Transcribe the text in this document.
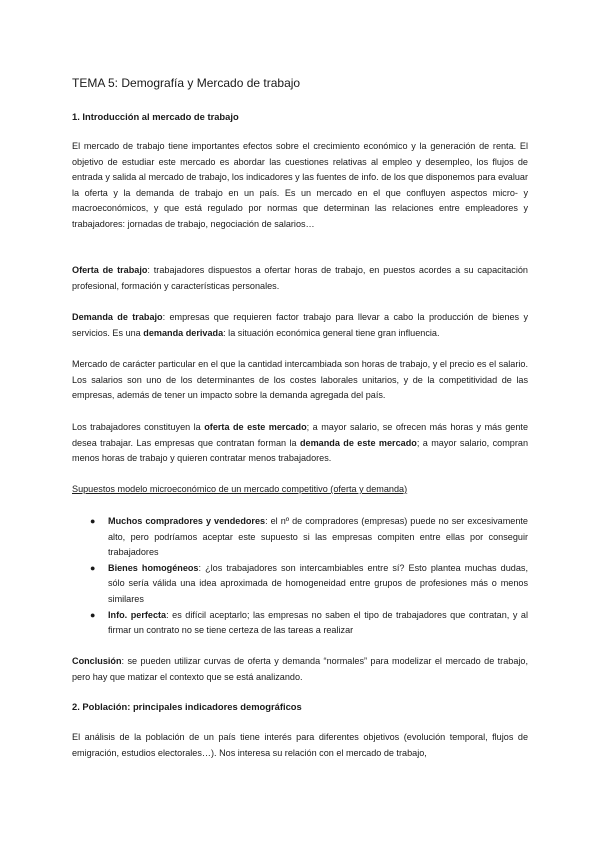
TEMA 5: Demografía y Mercado de trabajo
1. Introducción al mercado de trabajo

El mercado de trabajo tiene importantes efectos sobre el crecimiento económico y la generación de renta. El objetivo de estudiar este mercado es abordar las cuestiones relativas al empleo y desempleo, los flujos de entrada y salida al mercado de trabajo, los indicadores y las fuentes de info. de los que disponemos para evaluar la oferta y la demanda de trabajo en un país. Es un mercado en el que confluyen aspectos micro- y macroeconómicos, y que está regulado por normas que determinan las relaciones entre empleadores y trabajadores: jornadas de trabajo, negociación de salarios…

Oferta de trabajo: trabajadores dispuestos a ofertar horas de trabajo, en puestos acordes a su capacitación profesional, formación y características personales.

Demanda de trabajo: empresas que requieren factor trabajo para llevar a cabo la producción de bienes y servicios. Es una demanda derivada: la situación económica general tiene gran influencia.

Mercado de carácter particular en el que la cantidad intercambiada son horas de trabajo, y el precio es el salario. Los salarios son uno de los determinantes de los costes laborales unitarios, y de la competitividad de las empresas, además de tener un impacto sobre la demanda agregada del país.

Los trabajadores constituyen la oferta de este mercado; a mayor salario, se ofrecen más horas y más gente desea trabajar. Las empresas que contratan forman la demanda de este mercado; a mayor salario, compran menos horas de trabajo y quieren contratar menos trabajadores.

Supuestos modelo microeconómico de un mercado competitivo (oferta y demanda)
● Muchos compradores y vendedores: el nº de compradores (empresas) puede no ser excesivamente alto, pero podríamos aceptar este supuesto si las empresas compiten entre ellas por conseguir trabajadores
● Bienes homogéneos: ¿los trabajadores son intercambiables entre sí? Esto plantea muchas dudas, sólo sería válida una idea aproximada de homogeneidad entre grupos de profesiones más o menos similares
● Info. perfecta: es difícil aceptarlo; las empresas no saben el tipo de trabajadores que contratan, y al firmar un contrato no se tiene certeza de las tareas a realizar

Conclusión: se pueden utilizar curvas de oferta y demanda “normales” para modelizar el mercado de trabajo, pero hay que matizar el contexto que se está analizando.

2. Población: principales indicadores demográficos

El análisis de la población de un país tiene interés para diferentes objetivos (evolución temporal, flujos de emigración, estudios electorales…). Nos interesa su relación con el mercado de trabajo,
